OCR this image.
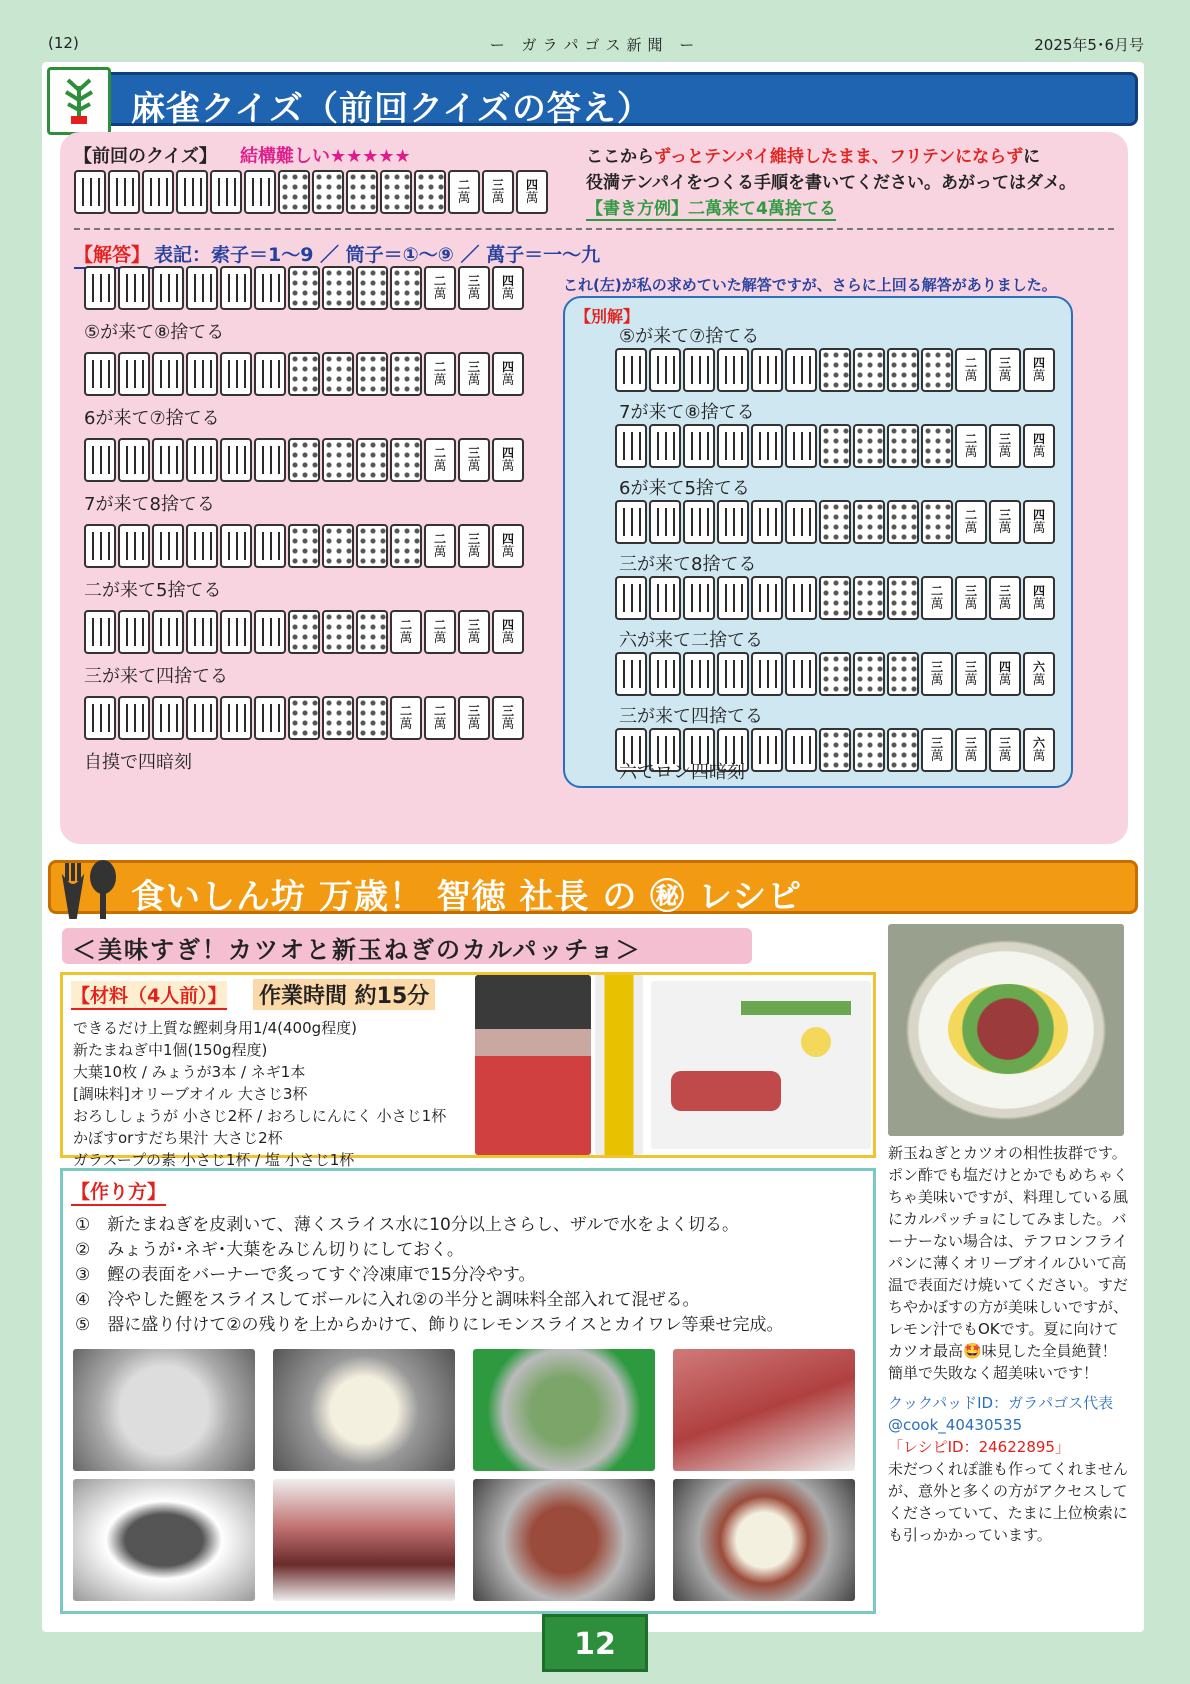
(12)	ー ガラパゴス新聞 ー	2025年5･6月号
麻雀クイズ（前回クイズの答え）
【前回のクイズ】 結構難しい★★★★★
二
萬
三
萬
四
萬
ここからずっとテンパイ維持したまま、フリテンにならずに
役満テンパイをつくる手順を書いてください。あがってはダメ。
【書き方例】二萬来て4萬捨てる
【解答】 表記：索子＝1～9 ／ 筒子＝①～⑨ ／ 萬子＝一～九
二
萬
三
萬
四
萬
⑤が来て⑧捨てる
二
萬
三
萬
四
萬
6が来て⑦捨てる
二
萬
三
萬
四
萬
7が来て8捨てる
二
萬
三
萬
四
萬
二が来て5捨てる
二
萬
二
萬
三
萬
四
萬
三が来て四捨てる
二
萬
二
萬
三
萬
三
萬
自摸で四暗刻
これ(左)が私の求めていた解答ですが、さらに上回る解答がありました。
【別解】
⑤が来て⑦捨てる
二
萬
三
萬
四
萬
7が来て⑧捨てる
二
萬
三
萬
四
萬
6が来て5捨てる
二
萬
三
萬
四
萬
三が来て8捨てる
二
萬
三
萬
三
萬
四
萬
六が来て二捨てる
三
萬
三
萬
四
萬
六
萬
三が来て四捨てる
三
萬
三
萬
三
萬
六
萬
六でロン四暗刻
食いしん坊 万歳！ 智徳 社長 の ㊙ レシピ
＜美味すぎ！カツオと新玉ねぎのカルパッチョ＞
【材料（4人前）】 作業時間 約15分
できるだけ上質な鰹刺身用1/4(400g程度)
新たまねぎ中1個(150g程度)
大葉10枚 / みょうが3本 / ネギ1本
[調味料]オリーブオイル 大さじ3杯
おろししょうが 小さじ2杯 / おろしにんにく 小さじ1杯
かぼすorすだち果汁 大さじ2杯
ガラスープの素 小さじ1杯 / 塩 小さじ1杯
【作り方】
①　新たまねぎを皮剥いて、薄くスライス水に10分以上さらし、ザルで水をよく切る。
②　みょうが･ネギ･大葉をみじん切りにしておく。
③　鰹の表面をバーナーで炙ってすぐ冷凍庫で15分冷やす。
④　冷やした鰹をスライスしてボールに入れ②の半分と調味料全部入れて混ぜる。
⑤　器に盛り付けて②の残りを上からかけて、飾りにレモンスライスとカイワレ等乗せ完成。
新玉ねぎとカツオの相性抜群です。ポン酢でも塩だけとかでもめちゃくちゃ美味いですが、料理している風にカルパッチョにしてみました。バーナーない場合は、テフロンフライパンに薄くオリーブオイルひいて高温で表面だけ焼いてください。すだちやかぼすの方が美味しいですが、レモン汁でもOKです。夏に向けてカツオ最高🤩味見した全員絶賛！簡単で失敗なく超美味いです！
クックパッドID：ガラパゴス代表
@cook_40430535
「レシピID：24622895」
未だつくれぽ誰も作ってくれませんが、意外と多くの方がアクセスしてくださっていて、たまに上位検索にも引っかかっています。
12
